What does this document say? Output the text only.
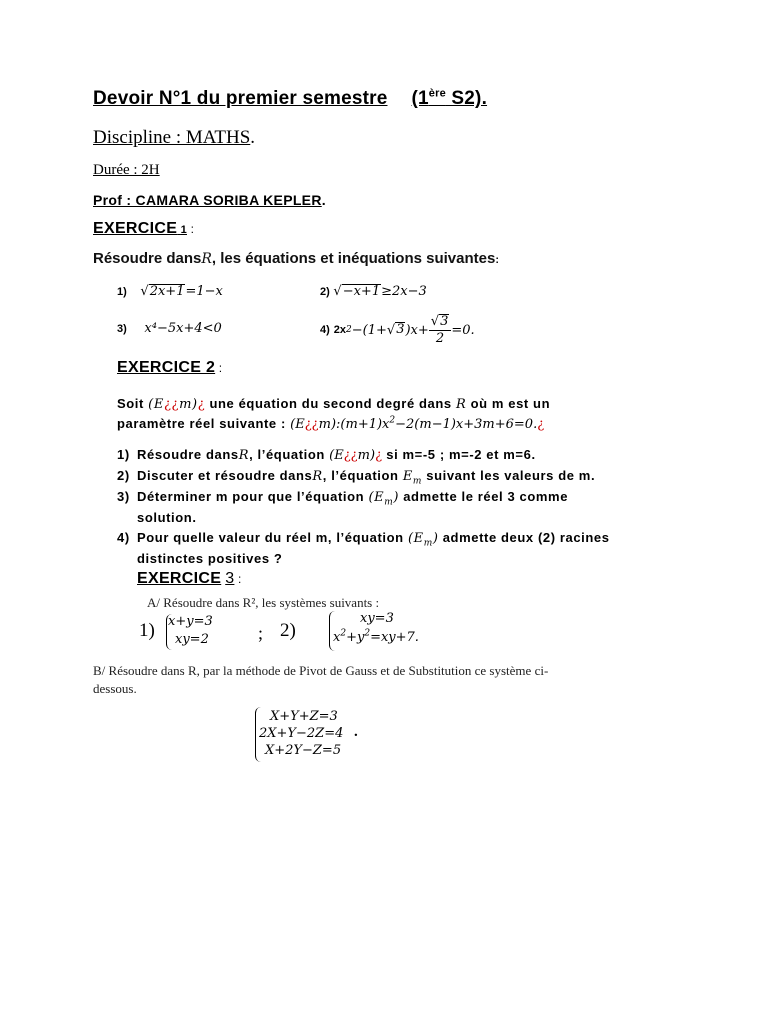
Devoir N°1 du premier semestre (1ère S2).
Discipline : MATHS.
Durée : 2H
Prof : CAMARA SORIBA KEPLER.
EXERCICE 1 :
Résoudre dansR, les équations et inéquations suivantes:
1) √2x+1=1−x	2) √−x+1≥2x−3
3) x⁴−5x+4<0	4) 2x 2 −(1+ √ 3 )$x+ \frac{√3}{2} =0$.
EXERCICE 2 :
Soit (E¿¿m)¿ une équation du second degré dans R où m est un
paramètre réel suivante : $(E¿¿m):(m+1)x^2-2(m-1)x+3m+6=0.¿$
1) Résoudre dansR, l’équation (E¿¿m)¿ si m=-5 ; m=-2 et m=6.
2) Discuter et résoudre dansR, l’équation $E_m$ suivant les valeurs de m.
3) Déterminer m pour que l’équation $(E_m)$ admette le réel 3 comme
solution.
4) Pour quelle valeur du réel m, l’équation $(E_m)$ admette deux (2) racines
distinctes positives ?
EXERCICE 3 :
A/ Résoudre dans R², les systèmes suivants :
1) x+y=3
xy=2	; 2)
xy=3
$x^2+y^2=xy+7$.
B/ Résoudre dans R, par la méthode de Pivot de Gauss et de Substitution ce système ci-
dessous.
X+Y+Z=3
2X+Y−2Z=4
X+2Y−Z=5
.
